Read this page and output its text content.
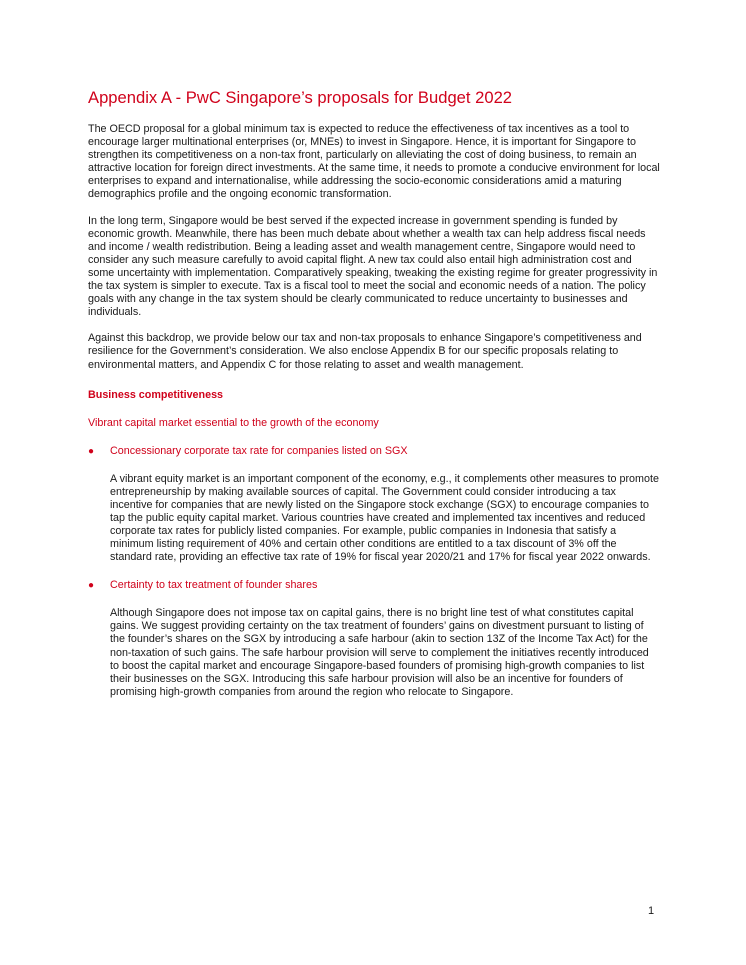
Appendix A - PwC Singapore’s proposals for Budget 2022

The OECD proposal for a global minimum tax is expected to reduce the effectiveness of tax incentives as a tool to encourage larger multinational enterprises (or, MNEs) to invest in Singapore. Hence, it is important for Singapore to strengthen its competitiveness on a non-tax front, particularly on alleviating the cost of doing business, to remain an attractive location for foreign direct investments. At the same time, it needs to promote a conducive environment for local enterprises to expand and internationalise, while addressing the socio-economic considerations amid a maturing demographics profile and the ongoing economic transformation.

In the long term, Singapore would be best served if the expected increase in government spending is funded by economic growth. Meanwhile, there has been much debate about whether a wealth tax can help address fiscal needs and income / wealth redistribution. Being a leading asset and wealth management centre, Singapore would need to consider any such measure carefully to avoid capital flight. A new tax could also entail high administration cost and some uncertainty with implementation. Comparatively speaking, tweaking the existing regime for greater progressivity in the tax system is simpler to execute. Tax is a fiscal tool to meet the social and economic needs of a nation. The policy goals with any change in the tax system should be clearly communicated to reduce uncertainty to businesses and individuals.

Against this backdrop, we provide below our tax and non-tax proposals to enhance Singapore’s competitiveness and resilience for the Government’s consideration. We also enclose Appendix B for our specific proposals relating to environmental matters, and Appendix C for those relating to asset and wealth management.

Business competitiveness
Vibrant capital market essential to the growth of the economy
● Concessionary corporate tax rate for companies listed on SGX

A vibrant equity market is an important component of the economy, e.g., it complements other measures to promote entrepreneurship by making available sources of capital. The Government could consider introducing a tax incentive for companies that are newly listed on the Singapore stock exchange (SGX) to encourage companies to tap the public equity capital market. Various countries have created and implemented tax incentives and reduced corporate tax rates for publicly listed companies. For example, public companies in Indonesia that satisfy a minimum listing requirement of 40% and certain other conditions are entitled to a tax discount of 3% off the standard rate, providing an effective tax rate of 19% for fiscal year 2020/21 and 17% for fiscal year 2022 onwards.

● Certainty to tax treatment of founder shares

Although Singapore does not impose tax on capital gains, there is no bright line test of what constitutes capital gains. We suggest providing certainty on the tax treatment of founders’ gains on divestment pursuant to listing of the founder’s shares on the SGX by introducing a safe harbour (akin to section 13Z of the Income Tax Act) for the non-taxation of such gains. The safe harbour provision will serve to complement the initiatives recently introduced to boost the capital market and encourage Singapore-based founders of promising high-growth companies to list their businesses on the SGX. Introducing this safe harbour provision will also be an incentive for founders of promising high-growth companies from around the region who relocate to Singapore.

1
